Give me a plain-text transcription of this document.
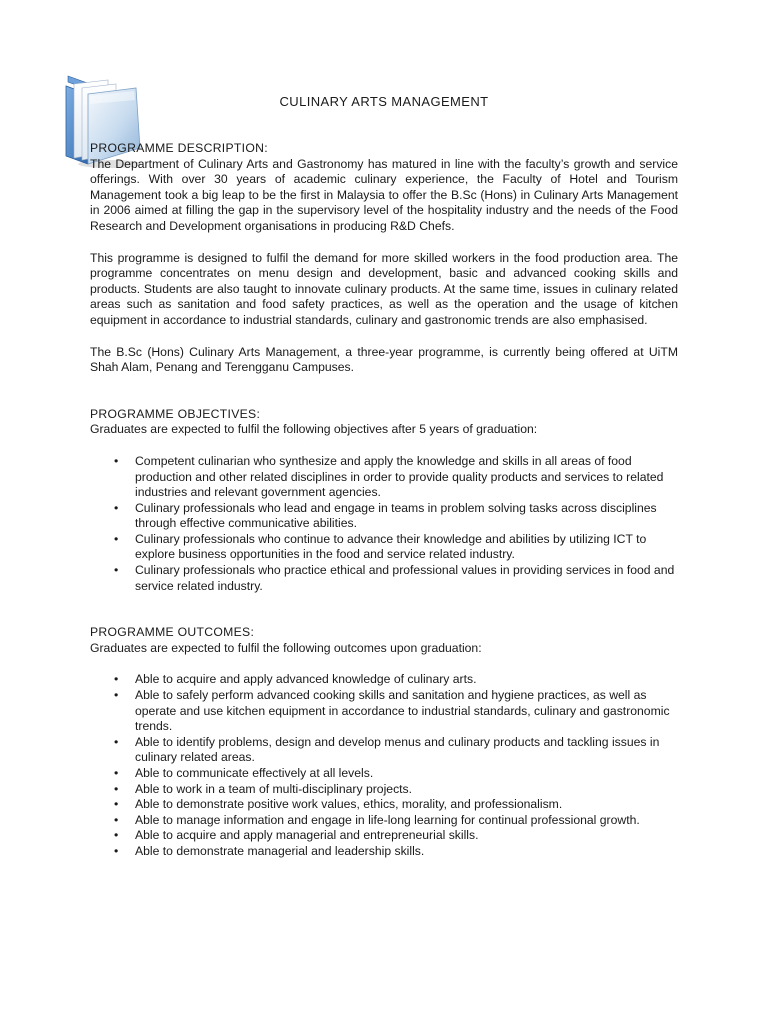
CULINARY ARTS MANAGEMENT
PROGRAMME DESCRIPTION:

The Department of Culinary Arts and Gastronomy has matured in line with the faculty’s growth and service offerings. With over 30 years of academic culinary experience, the Faculty of Hotel and Tourism Management took a big leap to be the first in Malaysia to offer the B.Sc (Hons) in Culinary Arts Management in 2006 aimed at filling the gap in the supervisory level of the hospitality industry and the needs of the Food Research and Development organisations in producing R&D Chefs.

This programme is designed to fulfil the demand for more skilled workers in the food production area. The programme concentrates on menu design and development, basic and advanced cooking skills and products. Students are also taught to innovate culinary products. At the same time, issues in culinary related areas such as sanitation and food safety practices, as well as the operation and the usage of kitchen equipment in accordance to industrial standards, culinary and gastronomic trends are also emphasised.

The B.Sc (Hons) Culinary Arts Management, a three-year programme, is currently being offered at UiTM Shah Alam, Penang and Terengganu Campuses.

PROGRAMME OBJECTIVES:

Graduates are expected to fulfil the following objectives after 5 years of graduation:

• Competent culinarian who synthesize and apply the knowledge and skills in all areas of food production and other related disciplines in order to provide quality products and services to related industries and relevant government agencies.
• Culinary professionals who lead and engage in teams in problem solving tasks across disciplines through effective communicative abilities.
• Culinary professionals who continue to advance their knowledge and abilities by utilizing ICT to explore business opportunities in the food and service related industry.
• Culinary professionals who practice ethical and professional values in providing services in food and service related industry.
PROGRAMME OUTCOMES:

Graduates are expected to fulfil the following outcomes upon graduation:

• Able to acquire and apply advanced knowledge of culinary arts.
• Able to safely perform advanced cooking skills and sanitation and hygiene practices, as well as operate and use kitchen equipment in accordance to industrial standards, culinary and gastronomic trends.
• Able to identify problems, design and develop menus and culinary products and tackling issues in culinary related areas.
• Able to communicate effectively at all levels.
• Able to work in a team of multi-disciplinary projects.
• Able to demonstrate positive work values, ethics, morality, and professionalism.
• Able to manage information and engage in life-long learning for continual professional growth.
• Able to acquire and apply managerial and entrepreneurial skills.
• Able to demonstrate managerial and leadership skills.
